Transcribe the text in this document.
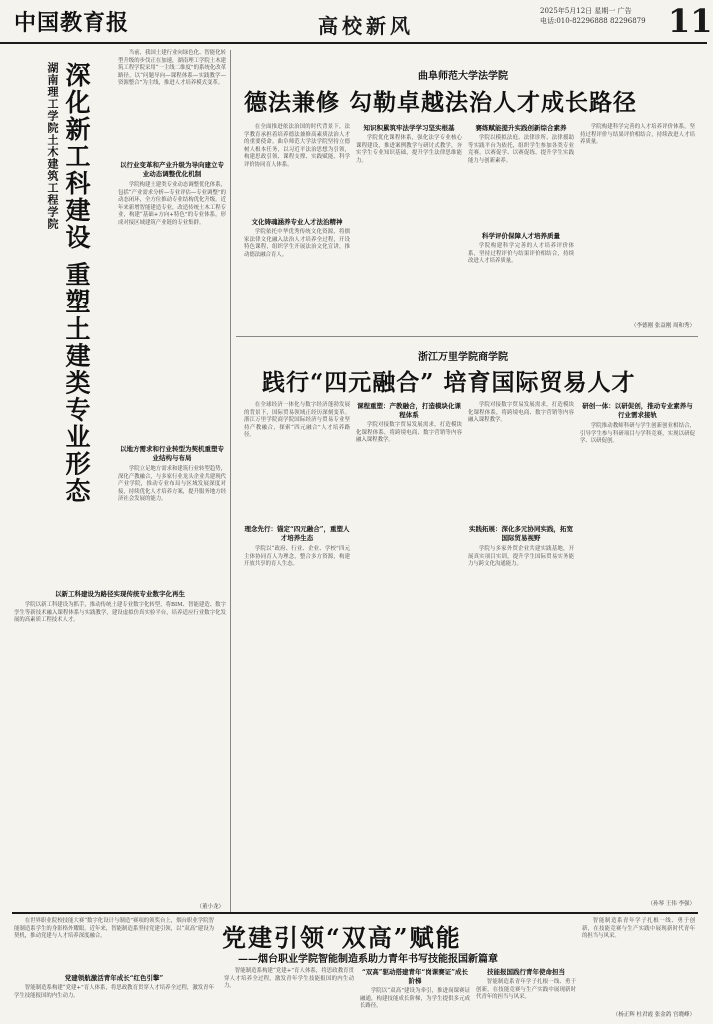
中国教育报	高校新风
2025年5月12日 星期一 广告
电话:010-82296888 82296879 11
湖南理工学院土木建筑工程学院 深化新工科建设 重塑土建类专业形态
当前，我国土建行业向绿色化、智能化转型升级的步伐正在加速，湖南理工学院土木建筑工程学院采用“一主线二维度”的系统化改革路径，以“问题导向—课程体系—实践教学—资源整合”为主线，推进人才培养模式变革。
以行业变革和产业升级为导向建立专业动态调整优化机制
学院构建土建类专业动态调整优化体系，包括“产业需求分析—专业评估—专业调整”的动态闭环，全方位推动专业结构优化升级。近年来新增智能建造专业，改造传统土木工程专业，构建“基础+方向+特色”的专业体系，形成对接区域建筑产业链的专业集群。
以地方需求和行业转型为契机重塑专业结构与布局
学院立足地方需求和建筑行业转型趋势，深化产教融合，与多家行业龙头企业共建现代产业学院，推动专业布局与区域发展深度对接，持续优化人才培养方案，提升服务地方经济社会发展的能力。
以新工科建设为路径实现传统专业数字化再生
学院以新工科建设为抓手，推动传统土建专业数字化转型，将BIM、智能建造、数字孪生等新技术融入课程体系与实践教学，建设虚拟仿真实验平台，培养适应行业数字化发展的高素质工程技术人才。
（董小龙）
曲阜师范大学法学院
德法兼修 勾勒卓越法治人才成长路径
在全面推进依法治国的时代背景下，法学教育承担着培养德法兼修高素质法治人才的重要使命。曲阜师范大学法学院坚持立德树人根本任务，以习近平法治思想为引领，构建思政引领、课程支撑、实践赋能、科学评价协同育人体系。
文化铸魂涵养专业人才法治精神
学院依托中华优秀传统文化资源，将儒家法律文化融入法治人才培养全过程，开设特色课程，组织学生开展法治文化宣讲，推动德法融合育人。
知识积累筑牢法学学习坚实根基
学院优化课程体系，强化法学专业核心课程建设，推进案例教学与研讨式教学，夯实学生专业知识基础，提升学生法律思维能力。
赛练赋能提升实践创新综合素养
学院以模拟法庭、法律诊所、法律援助等实践平台为依托，组织学生参加各类专业竞赛，以赛促学、以赛促练，提升学生实践能力与创新素养。
科学评价保障人才培养质量
学院构建科学完善的人才培养评价体系，坚持过程评价与结果评价相结合，持续改进人才培养质量。
学院构建科学完善的人才培养评价体系，坚持过程评价与结果评价相结合，持续改进人才培养质量。
（李德刚 张益刚 周和秀）
浙江万里学院商学院
践行“四元融合” 培育国际贸易人才
在全球经济一体化与数字经济蓬勃发展的背景下，国际贸易领域正经历深刻变革。浙江万里学院商学院国际经济与贸易专业坚持产教融合，探索“四元融合”人才培养路径。
理念先行：锚定“四元融合”，重塑人才培养生态
学院以“政府、行业、企业、学校”四元主体协同育人为理念，整合多方资源，构建开放共享的育人生态。
课程重塑：产教融合，打造模块化课程体系
学院对接数字贸易发展需求，打造模块化课程体系，将跨境电商、数字营销等内容融入课程教学。
学院对接数字贸易发展需求，打造模块化课程体系，将跨境电商、数字营销等内容融入课程教学。
实践拓展：深化多元协同实践，拓宽国际贸易视野
学院与多家外贸企业共建实践基地，开展真实项目实训，提升学生国际贸易实务能力与跨文化沟通能力。
研创一体：以研促创，推动专业素养与行业需求接轨
学院推动教师科研与学生创新创业相结合，引导学生参与科研项目与学科竞赛，实现以研促学、以研促创。
（孙琴 王伟 李强）
党建引领“双高”赋能
——烟台职业学院智能制造系助力青年书写技能报国新篇章
在世界职业院校技能大赛“数字化设计与制造”赛项的领奖台上，烟台职业学院智能制造系学生的身影格外耀眼。近年来，智能制造系坚持党建引领，以“双高”建设为契机，推动党建与人才培养深度融合。
党建领航激活青年成长“红色引擎”
智能制造系构建“党建+”育人体系，将思政教育贯穿人才培养全过程，激发青年学生技能报国的内生动力。
智能制造系构建“党建+”育人体系，将思政教育贯穿人才培养全过程，激发青年学生技能报国的内生动力。
“双高”驱动搭建青年“岗课赛证”成长阶梯
学院以“双高”建设为牵引，推进岗课赛证融通，构建技能成长阶梯，为学生提供多元成长路径。
技能报国践行青年使命担当
智能制造系青年学子扎根一线、勇于创新，在技能竞赛与生产实践中展现新时代青年的担当与风采。
智能制造系青年学子扎根一线、勇于创新，在技能竞赛与生产实践中展现新时代青年的担当与风采。
（杨正辉 杜君霞 张金鸽 宫晓峰）
